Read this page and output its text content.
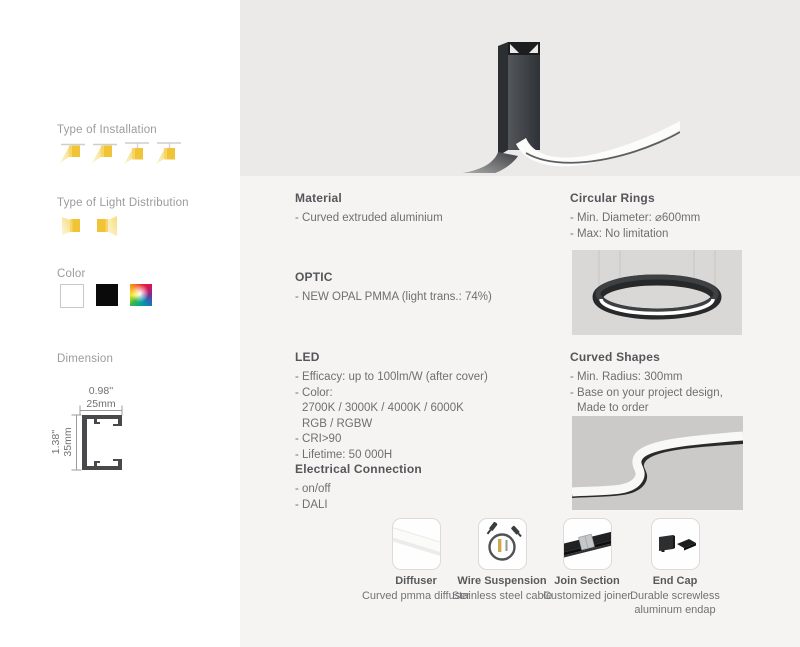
Type of Installation
Type of Light Distribution
Color
Dimension
0.98''
25mm
1.38'' 35mm
Material
- Curved extruded aluminium
OPTIC
- NEW OPAL PMMA (light trans.: 74%)
LED
- Efficacy: up to 100lm/W (after cover)
- Color:
2700K / 3000K / 4000K / 6000K
RGB / RGBW
- CRI>90
- Lifetime: 50 000H
Electrical Connection
- on/off
- DALI
Circular Rings
- Min. Diameter: ⌀600mm
- Max: No limitation
Curved Shapes
- Min. Radius: 300mm
- Base on your project design,
Made to order
Diffuser
Curved pmma diffuser
Wire Suspension
Stainless steel cable
Join Section
Customized joiner
End Cap
Durable screwless aluminum endap
